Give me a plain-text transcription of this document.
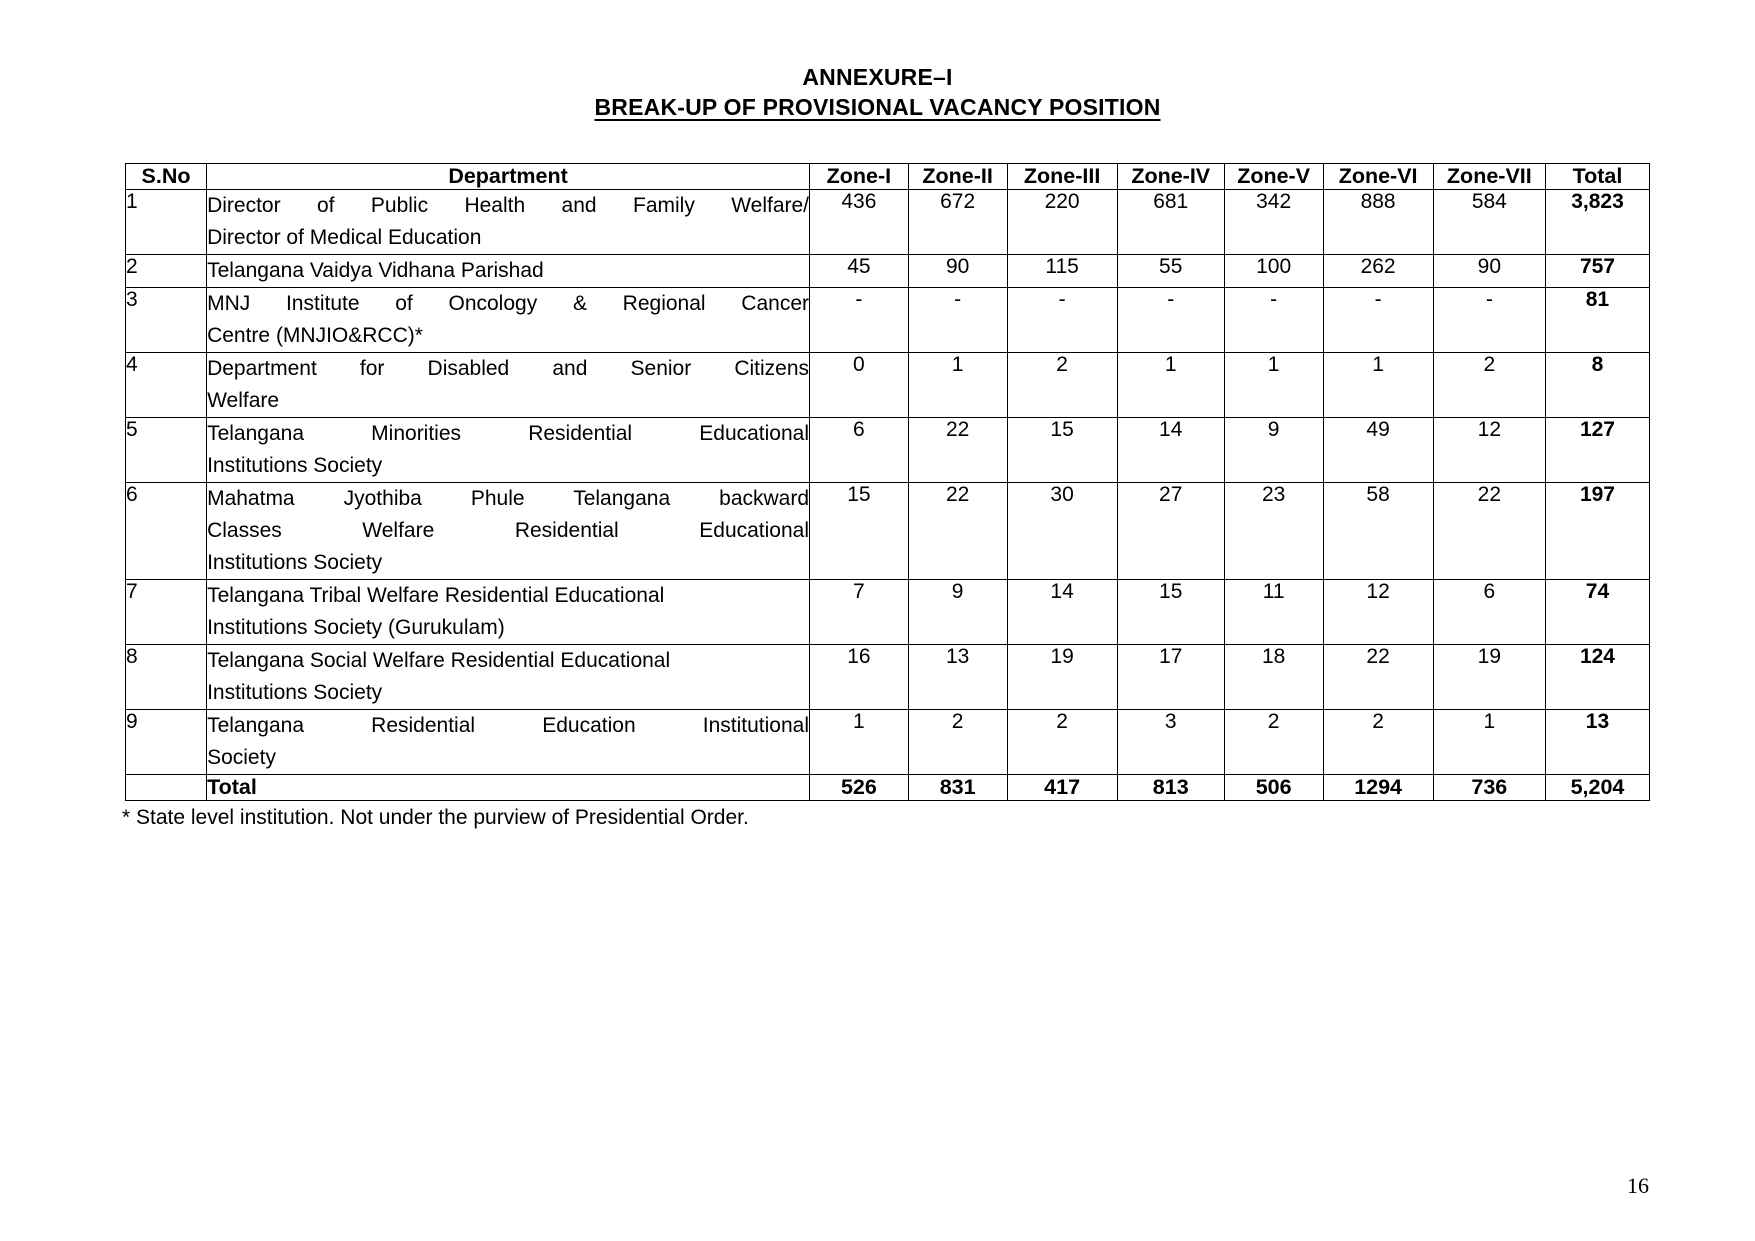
ANNEXURE–I
BREAK-UP OF PROVISIONAL VACANCY POSITION
S.No	Department	Zone-I	Zone-II	Zone-III	Zone-IV	Zone-V	Zone-VI	Zone-VII	Total
1	Director of Public Health and Family Welfare/
Director of Medical Education	436	672	220	681	342	888	584	3,823
2	Telangana Vaidya Vidhana Parishad	45	90	115	55	100	262	90	757
3	MNJ Institute of Oncology & Regional Cancer
Centre (MNJIO&RCC)*	-	-	-	-	-	-	-	81
4	Department for Disabled and Senior Citizens
Welfare	0	1	2	1	1	1	2	8
5	Telangana Minorities Residential Educational
Institutions Society	6	22	15	14	9	49	12	127
6	Mahatma Jyothiba Phule Telangana backward
Classes Welfare Residential Educational
Institutions Society	15	22	30	27	23	58	22	197
7	Telangana Tribal Welfare Residential Educational
Institutions Society (Gurukulam)	7	9	14	15	11	12	6	74
8	Telangana Social Welfare Residential Educational
Institutions Society	16	13	19	17	18	22	19	124
9	Telangana Residential Education Institutional
Society	1	2	2	3	2	2	1	13
	Total	526	831	417	813	506	1294	736	5,204
* State level institution. Not under the purview of Presidential Order.
16
